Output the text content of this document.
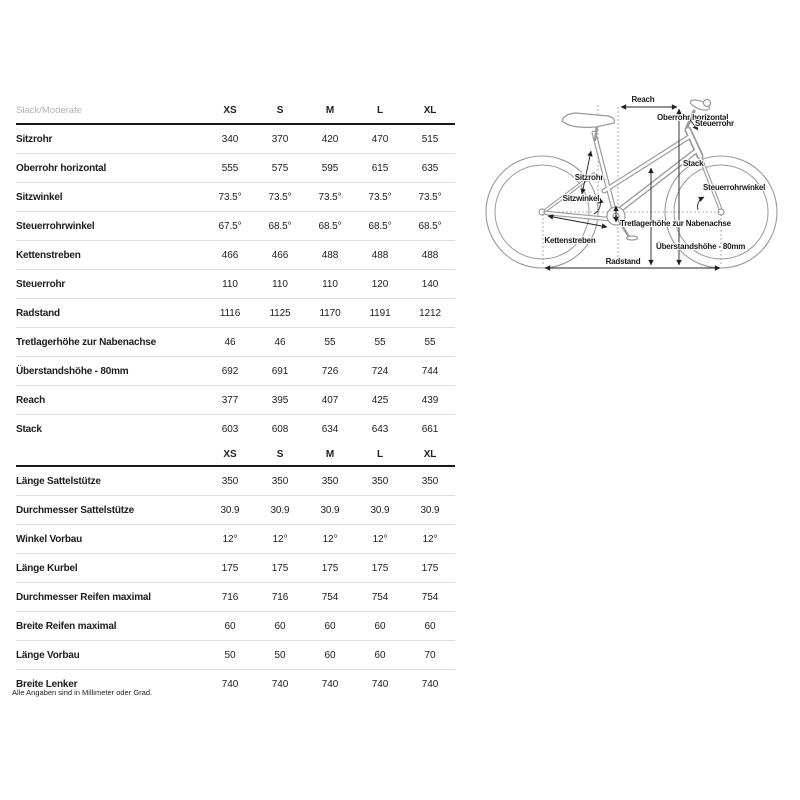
Slack/Moderate	XS	S	M	L	XL
Sitzrohr	340	370	420	470	515
Oberrohr horizontal	555	575	595	615	635
Sitzwinkel	73.5°	73.5°	73.5°	73.5°	73.5°
Steuerrohrwinkel	67.5°	68.5°	68.5°	68.5°	68.5°
Kettenstreben	466	466	488	488	488
Steuerrohr	110	110	110	120	140
Radstand	1116	1125	1170	1191	1212
Tretlagerhöhe zur Nabenachse	46	46	55	55	55
Überstandshöhe - 80mm	692	691	726	724	744
Reach	377	395	407	425	439
Stack	603	608	634	643	661
XS	S	M	L	XL
Länge Sattelstütze	350	350	350	350	350
Durchmesser Sattelstütze	30.9	30.9	30.9	30.9	30.9
Winkel Vorbau	12°	12°	12°	12°	12°
Länge Kurbel	175	175	175	175	175
Durchmesser Reifen maximal	716	716	754	754	754
Breite Reifen maximal	60	60	60	60	60
Länge Vorbau	50	50	60	60	70
Breite Lenker	740	740	740	740	740
Alle Angaben sind in Millimeter oder Grad.
Reach
Oberrohr horizontal
Steuerrohr
Sitzrohr
Stack
Steuerrohrwinkel
Sitzwinkel
Tretlagerhöhe zur Nabenachse
Kettenstreben
Überstandshöhe - 80mm
Radstand
